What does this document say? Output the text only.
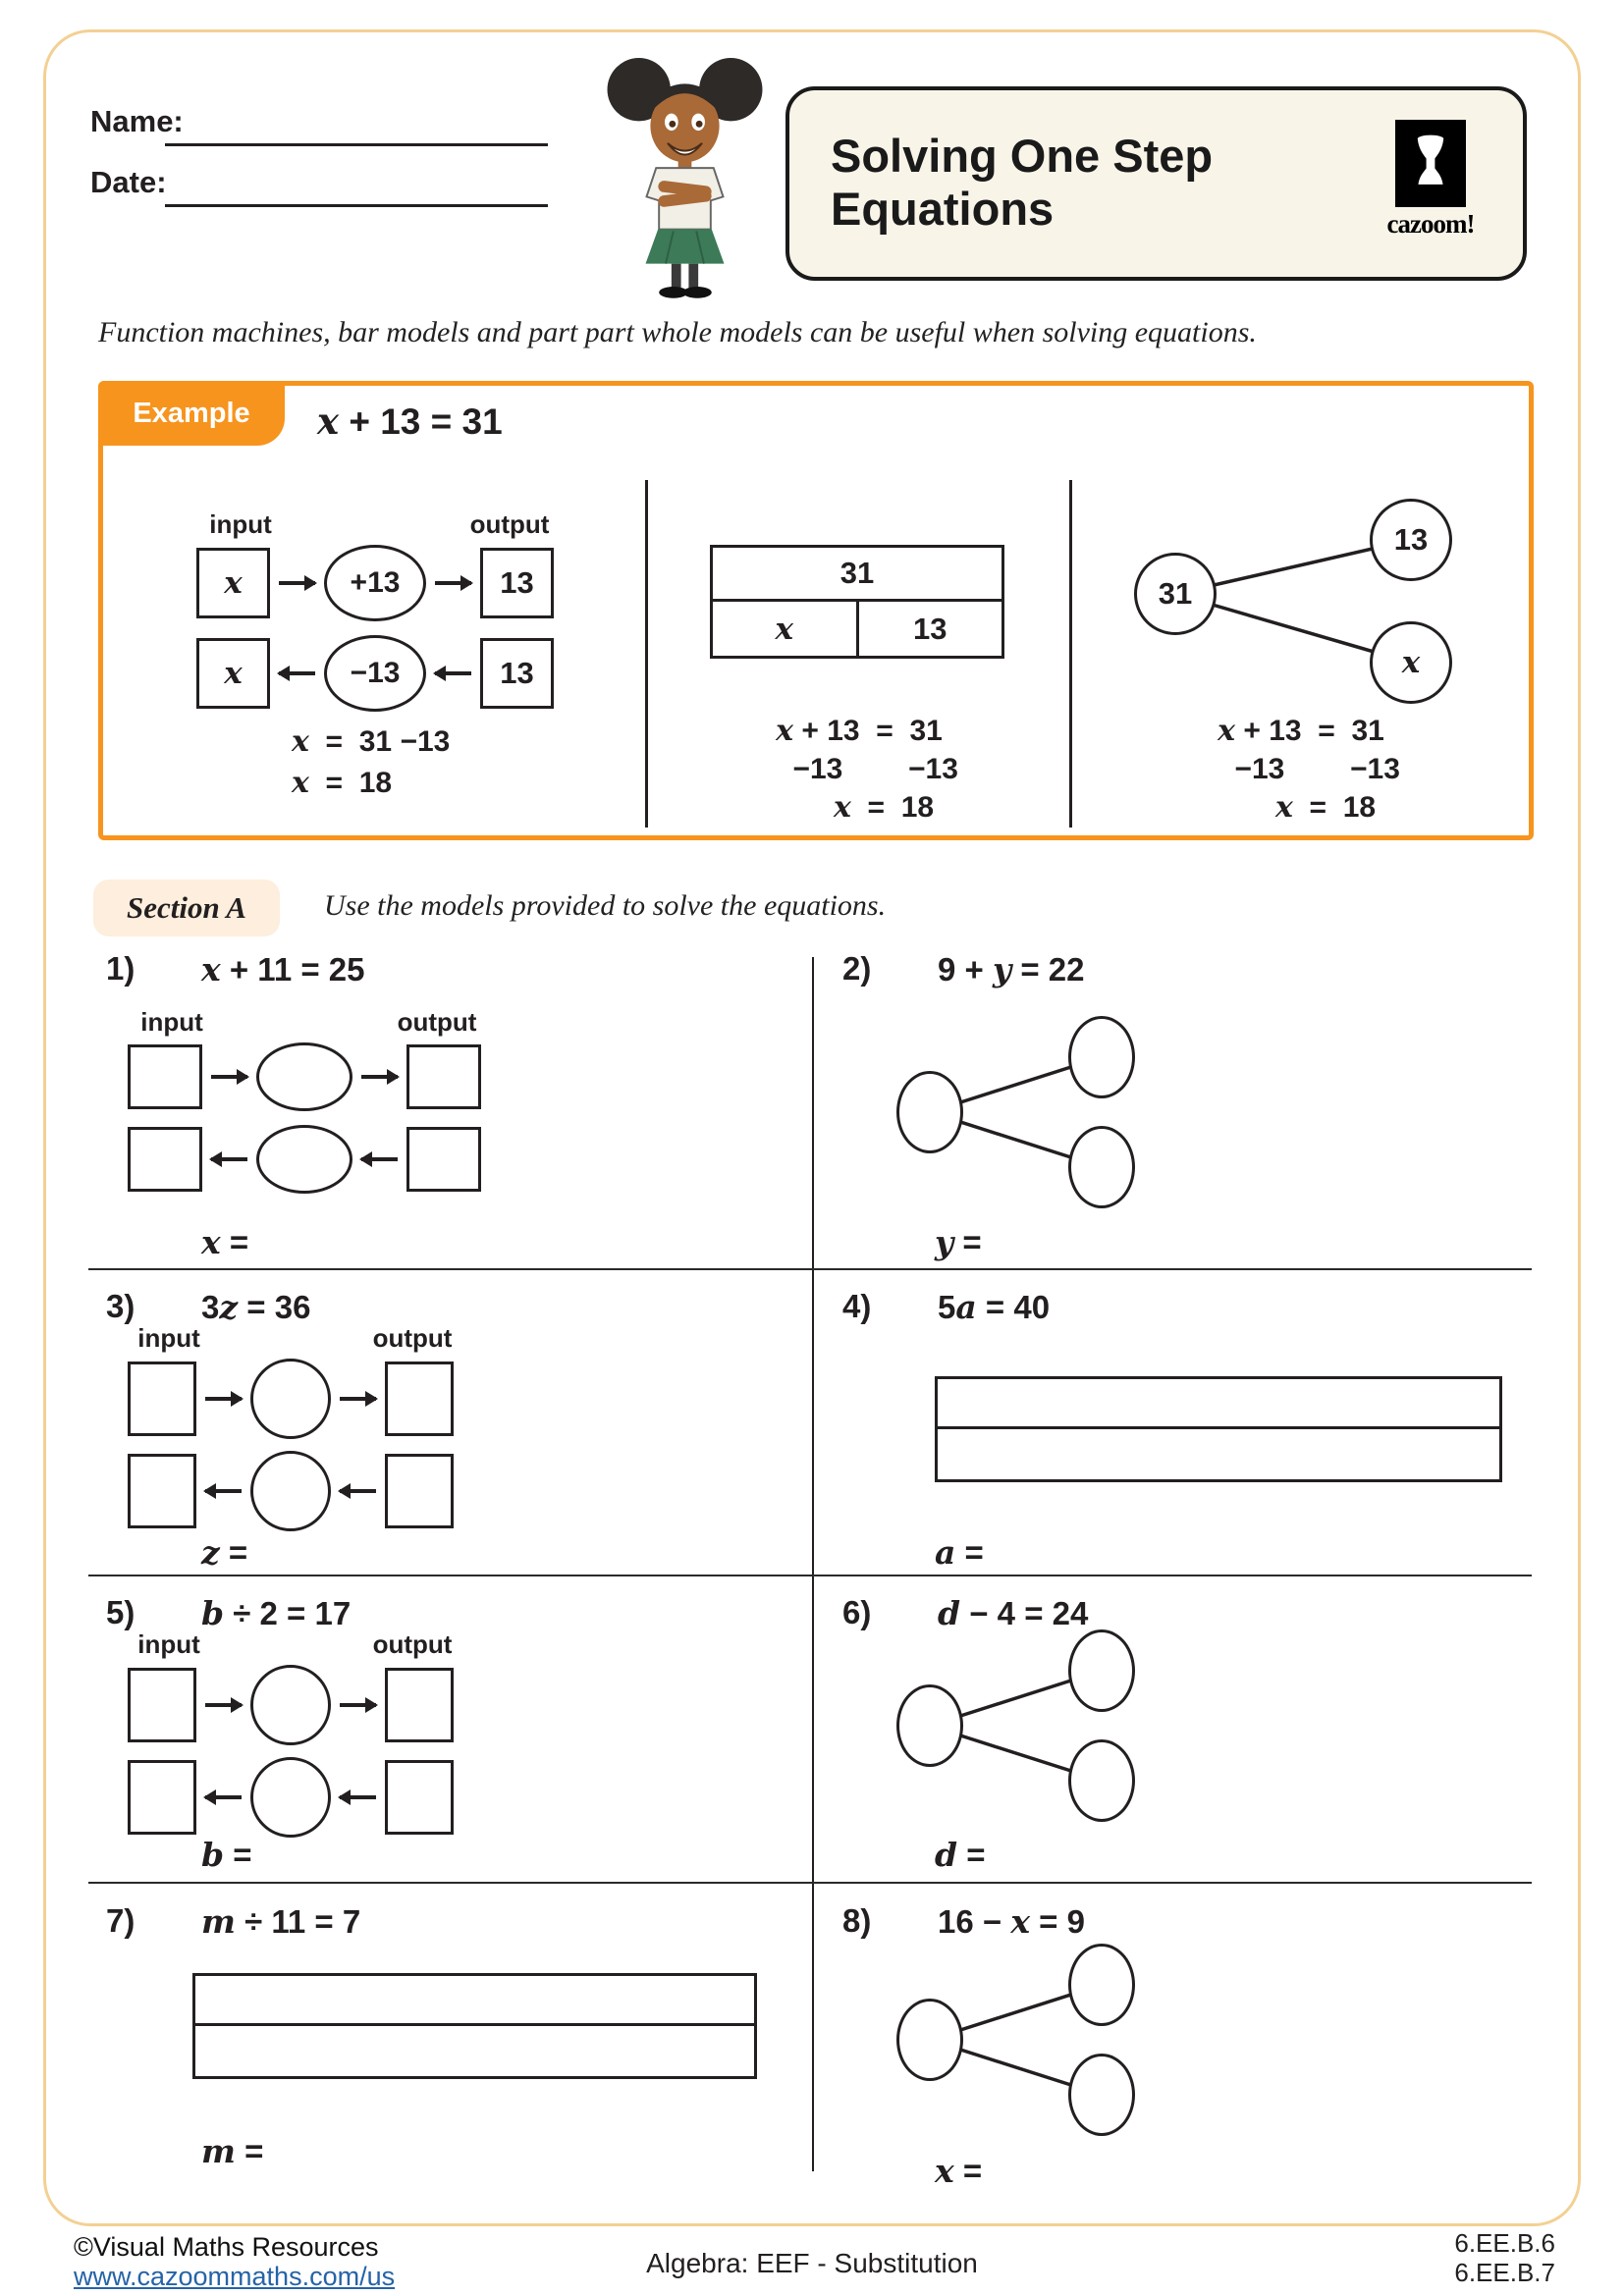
Name:
Date:
Solving One Step
Equations	cazoom!
Function machines, bar models and part part whole models can be useful when solving equations.
Example	x + 13 = 31
input	output
x	+13	13
x	−13	13
x  =  31 −13
x  =  18
31
x	13
x + 13  =  31
−13        −13
x  =  18
31
13
x
x + 13  =  31
−13        −13
x  =  18
Section A	Use the models provided to solve the equations.
1) x + 11 = 25
input	output
x =
2) 9 + y = 22
y =
3) 3z = 36
input	output
z =
4) 5a = 40
a =
5) b ÷ 2 = 17
input	output
b =
6) d − 4 = 24
d =
7) m ÷ 11 = 7
m =
8) 16 − x = 9
x =
©Visual Maths Resources
www.cazoommaths.com/us	Algebra: EEF - Substitution
6.EE.B.6
6.EE.B.7
